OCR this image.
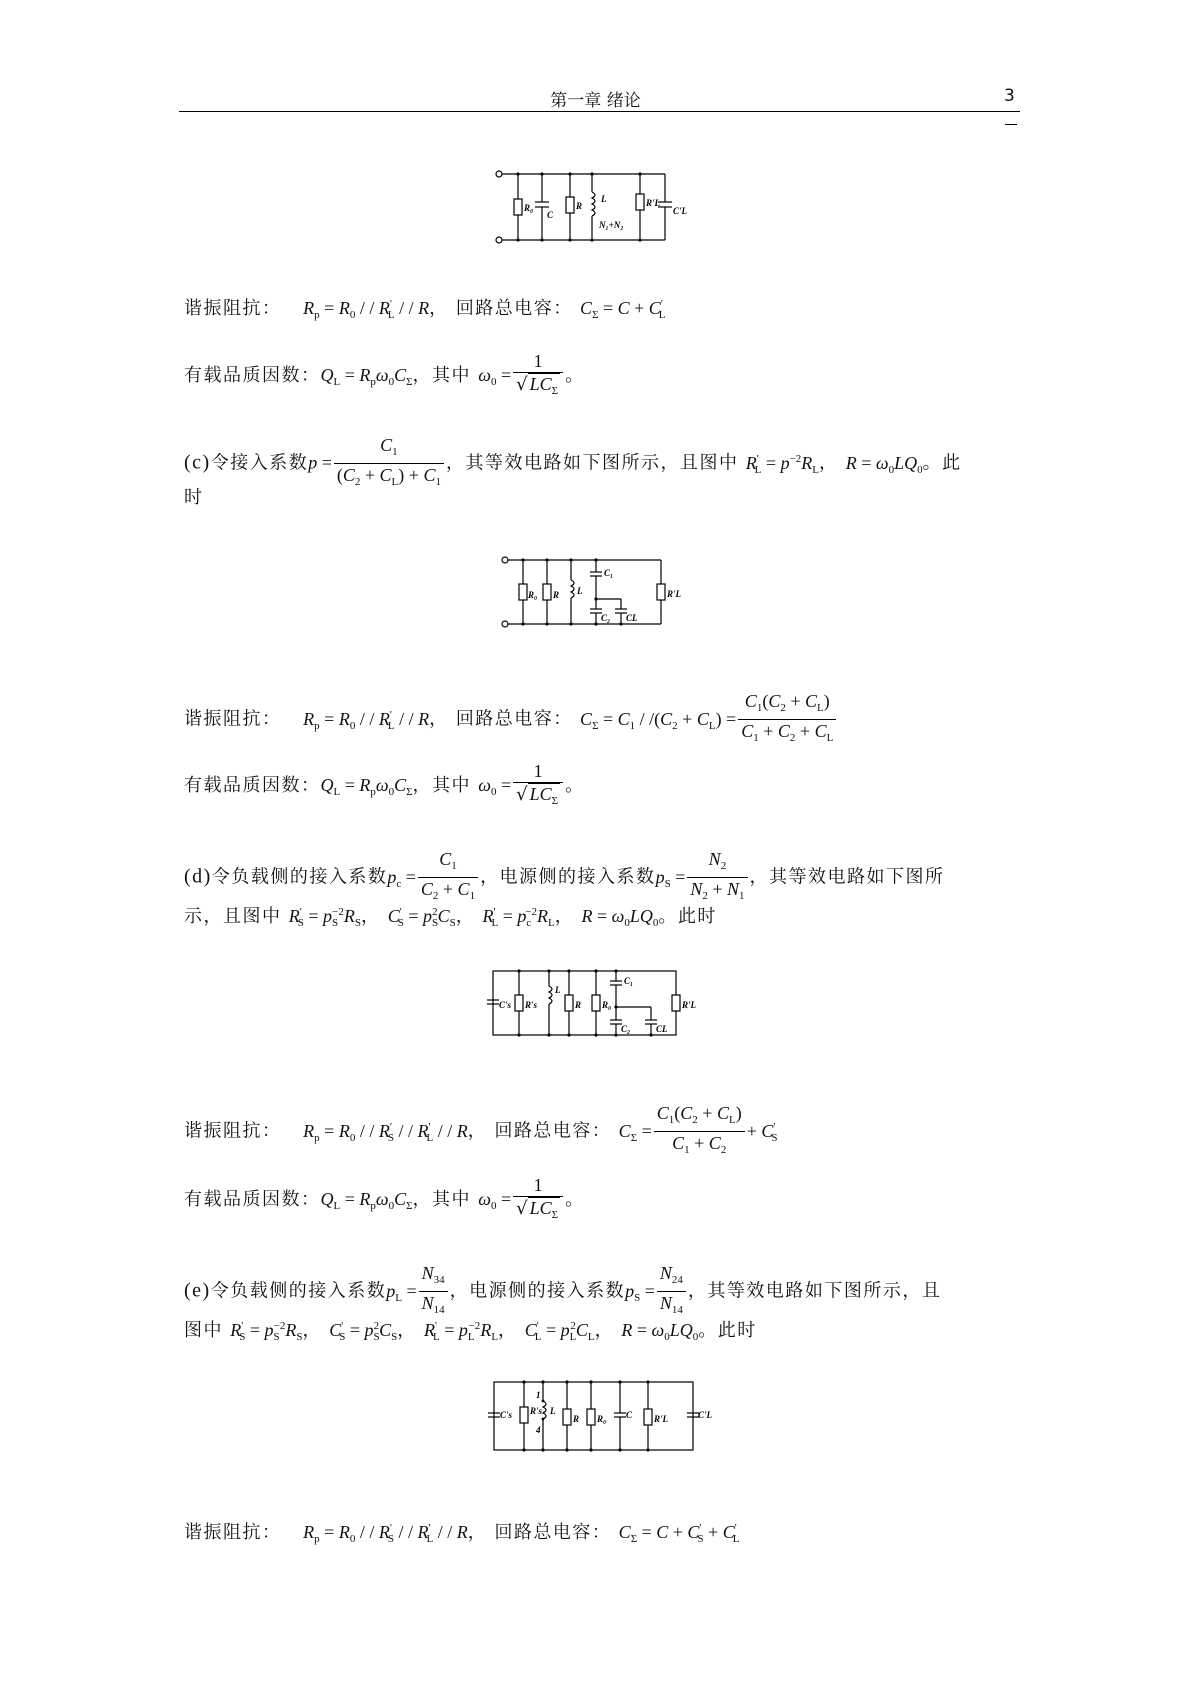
第一章 绪论	3
R₀
C
R
L
N₁+N₂
R'L
C'L
谐振阻抗： $R_p = R_0$ / / $R'_L$ / / R， 回路总电容： $C_\Sigma = C + C'_L$
有载品质因数：$Q_L = R_p\omega_0C_\Sigma$，其中 $\omega_0 = \frac{1}{√ LC_\Sigma}$ 。
(c)令接入系数$p = \frac{C_1}{(C_2 + C_L) + C_1}$ ，其等效电路如下图所示，且图中 $R'_L = p^{-2}R_L$， $R = \omega_0LQ_0$。此
时
R₀ R L
C₁
C₂ CL
R'L
谐振阻抗： $R_p = R_0$ / / $R'_L$ / / R， 回路总电容： $C_\Sigma = C_1 / /(C_2 + C_L) = \frac{C_1(C_2 + C_L)}{C_1 + C_2 + C_L}$
有载品质因数：$Q_L = R_p\omega_0C_\Sigma$，其中 $\omega_0 = \frac{1}{√ LC_\Sigma}$ 。
(d)令负载侧的接入系数$p_c = \frac{C_1}{C_2 + C_1}$ ，电源侧的接入系数$p_S = \frac{N_2}{N_2 + N_1}$ ，其等效电路如下图所
示，且图中 $R'_S = p_S^{-2}R_S$， $C'_S = p_S^2C_S$， $R'_L = p_c^{-2}R_L$， $R = \omega_0LQ_0$。此时
C's R's
L
R R₀
C₁
C₂	CL
R'L
谐振阻抗： $R_p = R_0$ / / $R'_S$ / / $R'_L$ / / R， 回路总电容： $C_\Sigma = \frac{C_1(C_2 + C_L)}{C_1 + C_2} + C'_S$
有载品质因数：$Q_L = R_p\omega_0C_\Sigma$，其中 $\omega_0 = \frac{1}{√ LC_\Sigma}$ 。
(e)令负载侧的接入系数$p_L = \frac{N_{34}}{N_{14}}$ ，电源侧的接入系数$p_S = \frac{N_{24}}{N_{14}}$ ，其等效电路如下图所示，且
图中 $R'_S = p_S^{-2}R_S$， $C'_S = p_S^2C_S$， $R'_L = p_L^{-2}R_L$， $C'_L = p_L^2C_L$， $R = \omega_0LQ_0$。此时
C's R's
1
4
L
R R₀ C R'L	C'L
谐振阻抗： $R_p = R_0$ / / $R'_S$ / / $R'_L$ / / R， 回路总电容： $C_\Sigma = C + C'_S + C'_L$
